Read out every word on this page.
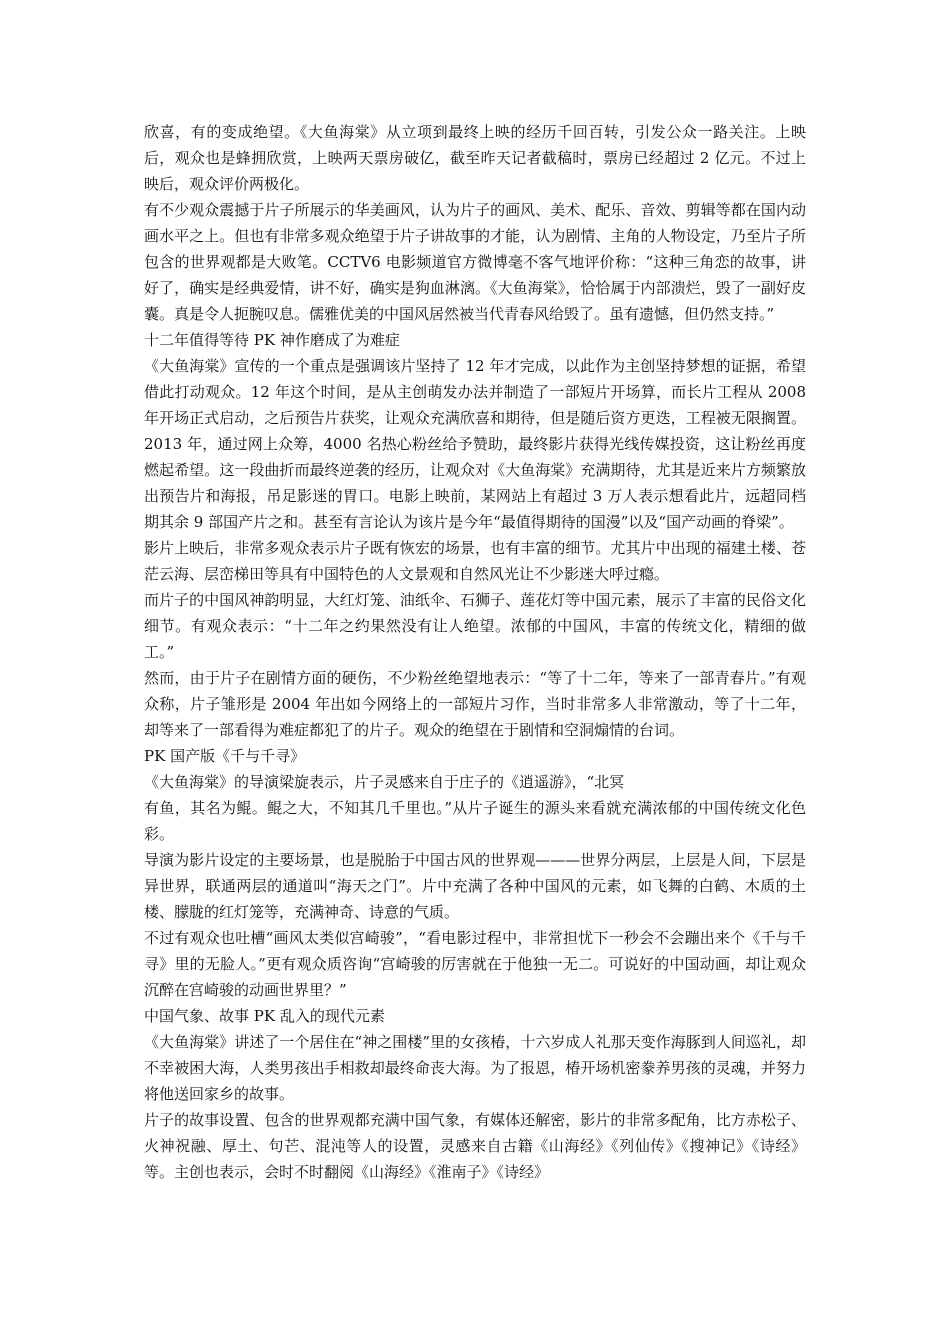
欣喜，有的变成绝望。《大鱼海棠》从立项到最终上映的经历千回百转，引发公众一路关注。上映后，观众也是蜂拥欣赏，上映两天票房破亿，截至昨天记者截稿时，票房已经超过 2 亿元。不过上映后，观众评价两极化。

有不少观众震撼于片子所展示的华美画风，认为片子的画风、美术、配乐、音效、剪辑等都在国内动画水平之上。但也有非常多观众绝望于片子讲故事的才能，认为剧情、主角的人物设定，乃至片子所包含的世界观都是大败笔。CCTV6 电影频道官方微博毫不客气地评价称：“这种三角恋的故事，讲好了，确实是经典爱情，讲不好，确实是狗血淋漓。《大鱼海棠》，恰恰属于内部溃烂，毁了一副好皮囊。真是令人扼腕叹息。儒雅优美的中国风居然被当代青春风给毁了。虽有遗憾，但仍然支持。”

十二年值得等待 PK 神作磨成了为难症

《大鱼海棠》宣传的一个重点是强调该片坚持了 12 年才完成，以此作为主创坚持梦想的证据，希望借此打动观众。12 年这个时间，是从主创萌发办法并制造了一部短片开场算，而长片工程从 2008 年开场正式启动，之后预告片获奖，让观众充满欣喜和期待，但是随后资方更迭，工程被无限搁置。2013 年，通过网上众筹，4000 名热心粉丝给予赞助，最终影片获得光线传媒投资，这让粉丝再度燃起希望。这一段曲折而最终逆袭的经历，让观众对《大鱼海棠》充满期待，尤其是近来片方频繁放出预告片和海报，吊足影迷的胃口。电影上映前，某网站上有超过 3 万人表示想看此片，远超同档期其余 9 部国产片之和。甚至有言论认为该片是今年“最值得期待的国漫”以及“国产动画的脊梁”。

影片上映后，非常多观众表示片子既有恢宏的场景，也有丰富的细节。尤其片中出现的福建土楼、苍茫云海、层峦梯田等具有中国特色的人文景观和自然风光让不少影迷大呼过瘾。

而片子的中国风神韵明显，大红灯笼、油纸伞、石狮子、莲花灯等中国元素，展示了丰富的民俗文化细节。有观众表示：“十二年之约果然没有让人绝望。浓郁的中国风，丰富的传统文化，精细的做工。”

然而，由于片子在剧情方面的硬伤，不少粉丝绝望地表示：“等了十二年，等来了一部青春片。”有观众称，片子雏形是 2004 年出如今网络上的一部短片习作，当时非常多人非常激动，等了十二年，却等来了一部看得为难症都犯了的片子。观众的绝望在于剧情和空洞煽情的台词。

PK 国产版《千与千寻》

《大鱼海棠》的导演梁旋表示，片子灵感来自于庄子的《逍遥游》，“北冥

有鱼，其名为鲲。鲲之大，不知其几千里也。”从片子诞生的源头来看就充满浓郁的中国传统文化色彩。

导演为影片设定的主要场景，也是脱胎于中国古风的世界观———世界分两层，上层是人间，下层是异世界，联通两层的通道叫“海天之门”。片中充满了各种中国风的元素，如飞舞的白鹤、木质的土楼、朦胧的红灯笼等，充满神奇、诗意的气质。

不过有观众也吐槽“画风太类似宫崎骏”，“看电影过程中，非常担忧下一秒会不会蹦出来个《千与千寻》里的无脸人。”更有观众质咨询“宫崎骏的厉害就在于他独一无二。可说好的中国动画，却让观众沉醉在宫崎骏的动画世界里？”

中国气象、故事 PK 乱入的现代元素

《大鱼海棠》讲述了一个居住在“神之围楼”里的女孩椿，十六岁成人礼那天变作海豚到人间巡礼，却不幸被困大海，人类男孩出手相救却最终命丧大海。为了报恩，椿开场机密豢养男孩的灵魂，并努力将他送回家乡的故事。

片子的故事设置、包含的世界观都充满中国气象，有媒体还解密，影片的非常多配角，比方赤松子、火神祝融、厚土、句芒、混沌等人的设置，灵感来自古籍《山海经》《列仙传》《搜神记》《诗经》等。主创也表示，会时不时翻阅《山海经》《淮南子》《诗经》
